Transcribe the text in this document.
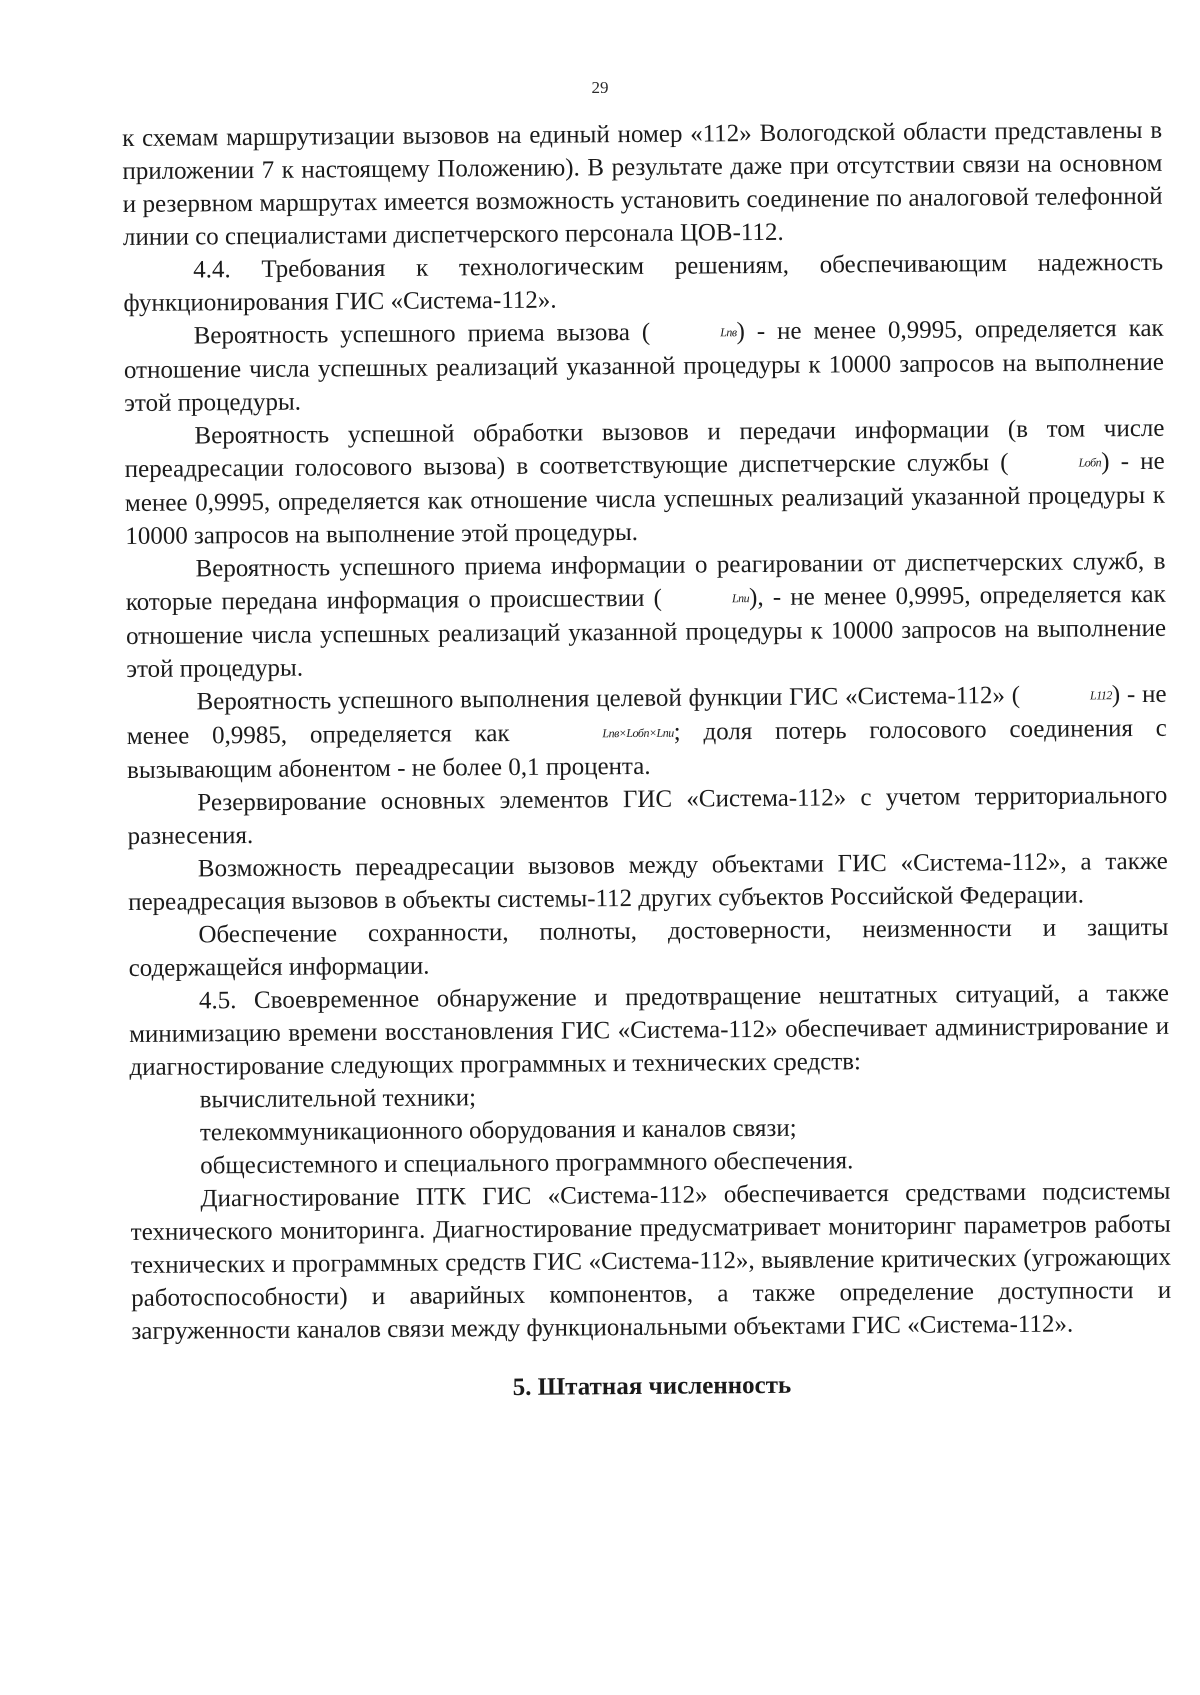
29

к схемам маршрутизации вызовов на единый номер «112» Вологодской области представлены в приложении 7 к настоящему Положению). В результате даже при отсутствии связи на основном и резервном маршрутах имеется возможность установить соединение по аналоговой телефонной линии со специалистами диспетчерского персонала ЦОВ-112.

4.4. Требования к технологическим решениям, обеспечивающим надежность функционирования ГИС «Система-112».

Вероятность успешного приема вызова (	Lпв) - не менее 0,9995, определяется как отношение числа успешных реализаций указанной процедуры к 10000 запросов на выполнение этой процедуры.

Вероятность успешной обработки вызовов и передачи информации (в том числе переадресации голосового вызова) в соответствующие диспетчерские службы (	Lобп) - не менее 0,9995, определяется как отношение числа успешных реализаций указанной процедуры к 10000 запросов на выполнение этой процедуры.

Вероятность успешного приема информации о реагировании от диспетчерских служб, в которые передана информация о происшествии (	Lпи), - не менее 0,9995, определяется как отношение числа успешных реализаций указанной процедуры к 10000 запросов на выполнение этой процедуры.

Вероятность успешного выполнения целевой функции ГИС «Система-112» (	L112) - не менее 0,9985, определяется как	Lпв×Lобп×Lпи; доля потерь голосового соединения с вызывающим абонентом - не более 0,1 процента.

Резервирование основных элементов ГИС «Система-112» с учетом территориального разнесения.

Возможность переадресации вызовов между объектами ГИС «Система-112», а также переадресация вызовов в объекты системы-112 других субъектов Российской Федерации.

Обеспечение сохранности, полноты, достоверности, неизменности и защиты содержащейся информации.

4.5. Своевременное обнаружение и предотвращение нештатных ситуаций, а также минимизацию времени восстановления ГИС «Система-112» обеспечивает администрирование и диагностирование следующих программных и технических средств:

вычислительной техники;

телекоммуникационного оборудования и каналов связи;

общесистемного и специального программного обеспечения.

Диагностирование ПТК ГИС «Система-112» обеспечивается средствами подсистемы технического мониторинга. Диагностирование предусматривает мониторинг параметров работы технических и программных средств ГИС «Система-112», выявление критических (угрожающих работоспособности) и аварийных компонентов, а также определение доступности и загруженности каналов связи между функциональными объектами ГИС «Система-112».

5. Штатная численность
